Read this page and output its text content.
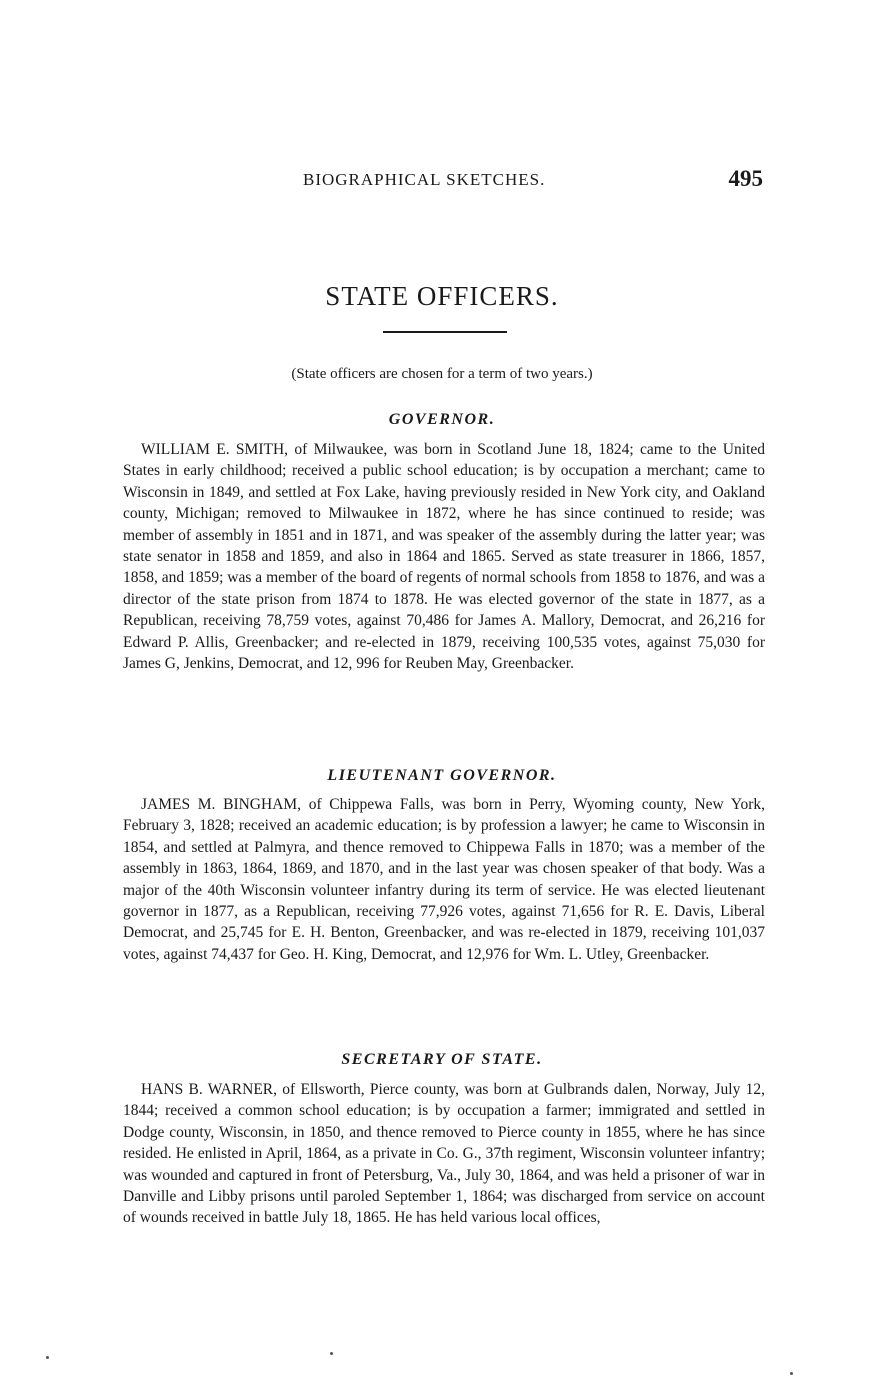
BIOGRAPHICAL SKETCHES.	495
STATE OFFICERS.
(State officers are chosen for a term of two years.)
GOVERNOR.

WILLIAM E. SMITH, of Milwaukee, was born in Scotland June 18, 1824; came to the United States in early childhood; received a public school education; is by occupation a merchant; came to Wisconsin in 1849, and settled at Fox Lake, having previously resided in New York city, and Oakland county, Michigan; removed to Milwaukee in 1872, where he has since continued to reside; was member of assembly in 1851 and in 1871, and was speaker of the assembly during the latter year; was state senator in 1858 and 1859, and also in 1864 and 1865. Served as state treasurer in 1866, 1857, 1858, and 1859; was a member of the board of regents of normal schools from 1858 to 1876, and was a director of the state prison from 1874 to 1878. He was elected governor of the state in 1877, as a Republican, receiving 78,759 votes, against 70,486 for James A. Mallory, Democrat, and 26,216 for Edward P. Allis, Greenbacker; and re-elected in 1879, receiving 100,535 votes, against 75,030 for James G, Jenkins, Democrat, and 12, 996 for Reuben May, Greenbacker.

LIEUTENANT GOVERNOR.

JAMES M. BINGHAM, of Chippewa Falls, was born in Perry, Wyoming county, New York, February 3, 1828; received an academic education; is by profession a lawyer; he came to Wisconsin in 1854, and settled at Palmyra, and thence removed to Chippewa Falls in 1870; was a member of the assembly in 1863, 1864, 1869, and 1870, and in the last year was chosen speaker of that body. Was a major of the 40th Wisconsin volunteer infantry during its term of service. He was elected lieutenant governor in 1877, as a Republican, receiving 77,926 votes, against 71,656 for R. E. Davis, Liberal Democrat, and 25,745 for E. H. Benton, Greenbacker, and was re-elected in 1879, receiving 101,037 votes, against 74,437 for Geo. H. King, Democrat, and 12,976 for Wm. L. Utley, Greenbacker.

SECRETARY OF STATE.

HANS B. WARNER, of Ellsworth, Pierce county, was born at Gulbrands dalen, Norway, July 12, 1844; received a common school education; is by occupation a farmer; immigrated and settled in Dodge county, Wisconsin, in 1850, and thence removed to Pierce county in 1855, where he has since resided. He enlisted in April, 1864, as a private in Co. G., 37th regiment, Wisconsin volunteer infantry; was wounded and captured in front of Petersburg, Va., July 30, 1864, and was held a prisoner of war in Danville and Libby prisons until paroled September 1, 1864; was discharged from service on account of wounds received in battle July 18, 1865. He has held various local offices,
